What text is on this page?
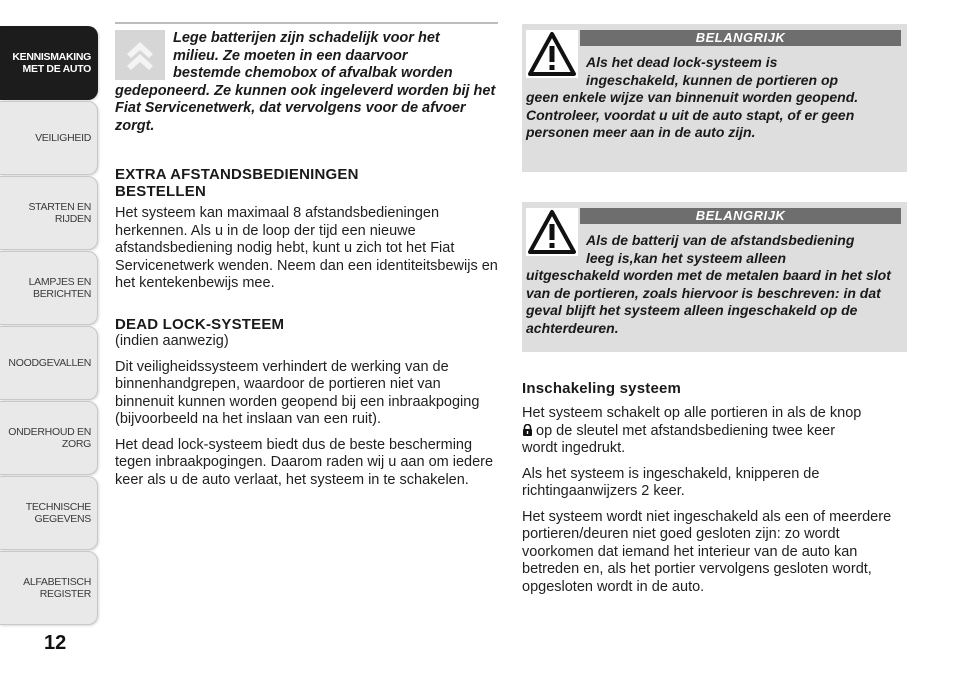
KENNISMAKING MET DE AUTO
VEILIGHEID
STARTEN EN RIJDEN
LAMPJES EN BERICHTEN
NOODGEVALLEN
ONDERHOUD EN ZORG
TECHNISCHE GEGEVENS
ALFABETISCH REGISTER
12
Lege batterijen zijn schadelijk voor het
milieu. Ze moeten in een daarvoor
bestemde chemobox of afvalbak worden
gedeponeerd. Ze kunnen ook ingeleverd worden bij het Fiat Servicenetwerk, dat vervolgens voor de afvoer zorgt.
EXTRA AFSTANDSBEDIENINGEN
BESTELLEN

Het systeem kan maximaal 8 afstandsbedieningen herkennen. Als u in de loop der tijd een nieuwe afstandsbediening nodig hebt, kunt u zich tot het Fiat Servicenetwerk wenden. Neem dan een identiteitsbewijs en het kentekenbewijs mee.

DEAD LOCK-SYSTEEM

(indien aanwezig)

Dit veiligheidssysteem verhindert de werking van de binnenhandgrepen, waardoor de portieren niet van binnenuit kunnen worden geopend bij een inbraakpoging (bijvoorbeeld na het inslaan van een ruit).

Het dead lock-systeem biedt dus de beste bescherming tegen inbraakpogingen. Daarom raden wij u aan om iedere keer als u de auto verlaat, het systeem in te schakelen.

BELANGRIJK
Als het dead lock-systeem is
ingeschakeld, kunnen de portieren op
geen enkele wijze van binnenuit worden geopend. Controleer, voordat u uit de auto stapt, of er geen personen meer aan in de auto zijn.
BELANGRIJK
Als de batterij van de afstandsbediening
leeg is,kan het systeem alleen
uitgeschakeld worden met de metalen baard in het slot van de portieren, zoals hiervoor is beschreven: in dat geval blijft het systeem alleen ingeschakeld op de achterdeuren.
Inschakeling systeem

Het systeem schakelt op alle portieren in als de knop
op de sleutel met afstandsbediening twee keer
wordt ingedrukt.

Als het systeem is ingeschakeld, knipperen de richtingaanwijzers 2 keer.

Het systeem wordt niet ingeschakeld als een of meerdere portieren/deuren niet goed gesloten zijn: zo wordt voorkomen dat iemand het interieur van de auto kan betreden en, als het portier vervolgens gesloten wordt, opgesloten wordt in de auto.
